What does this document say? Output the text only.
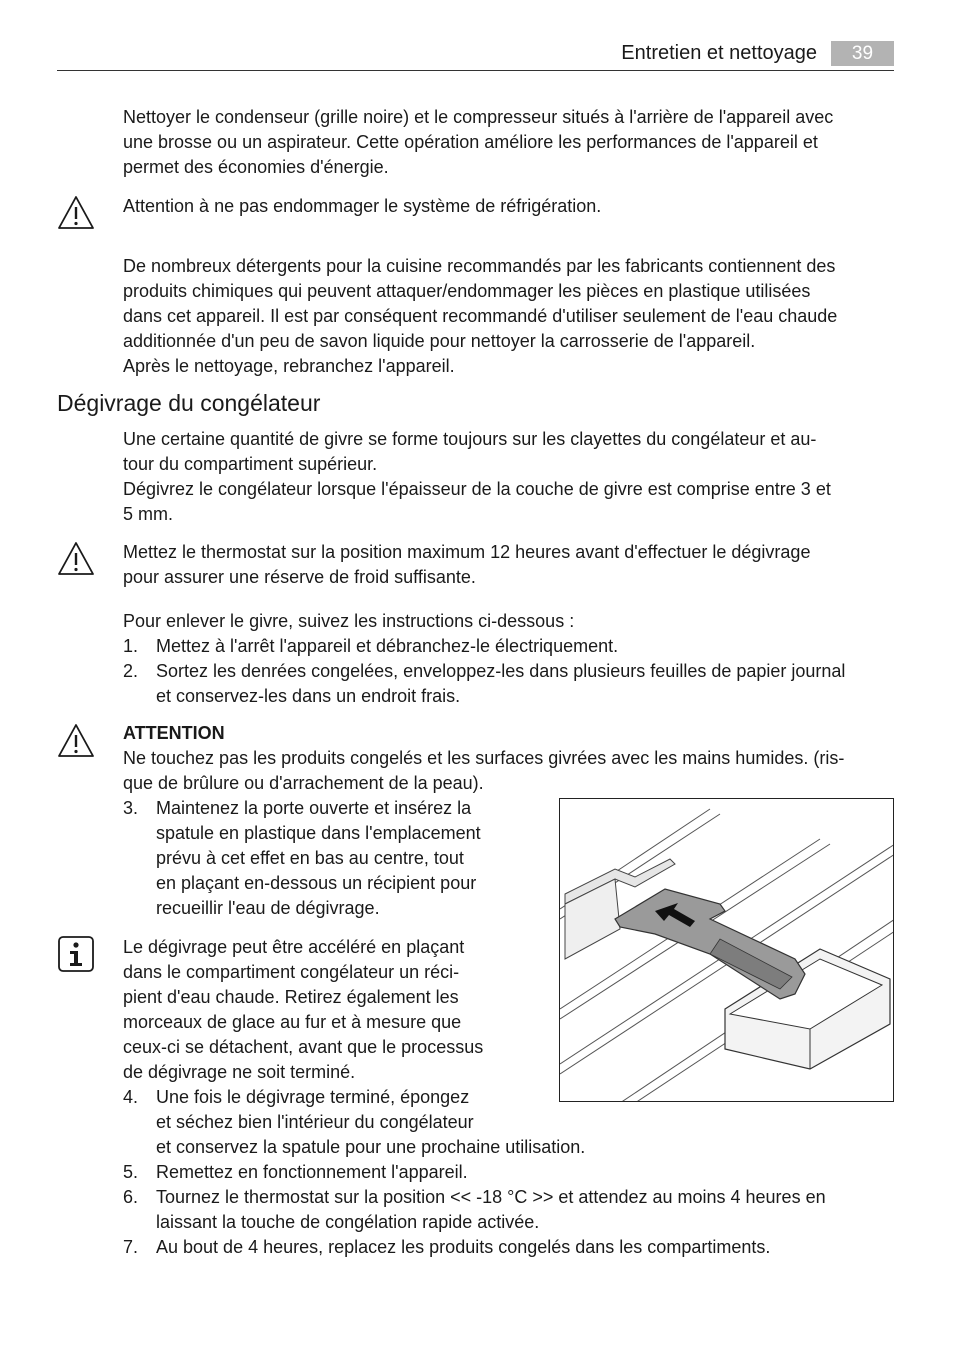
Entretien et nettoyage	39
Nettoyer le condenseur (grille noire) et le compresseur situés à l'arrière de l'appareil avec
une brosse ou un aspirateur. Cette opération améliore les performances de l'appareil et
permet des économies d'énergie.
Attention à ne pas endommager le système de réfrigération.
De nombreux détergents pour la cuisine recommandés par les fabricants contiennent des
produits chimiques qui peuvent attaquer/endommager les pièces en plastique utilisées
dans cet appareil. Il est par conséquent recommandé d'utiliser seulement de l'eau chaude
additionnée d'un peu de savon liquide pour nettoyer la carrosserie de l'appareil.
Après le nettoyage, rebranchez l'appareil.
Dégivrage du congélateur
Une certaine quantité de givre se forme toujours sur les clayettes du congélateur et au-
tour du compartiment supérieur.
Dégivrez le congélateur lorsque l'épaisseur de la couche de givre est comprise entre 3 et
5 mm.
Mettez le thermostat sur la position maximum 12 heures avant d'effectuer le dégivrage
pour assurer une réserve de froid suffisante.
Pour enlever le givre, suivez les instructions ci-dessous :
1. Mettez à l'arrêt l'appareil et débranchez-le électriquement.
2. Sortez les denrées congelées, enveloppez-les dans plusieurs feuilles de papier journal
et conservez-les dans un endroit frais.
ATTENTION
Ne touchez pas les produits congelés et les surfaces givrées avec les mains humides. (ris-
que de brûlure ou d'arrachement de la peau).
3. Maintenez la porte ouverte et insérez la
spatule en plastique dans l'emplacement
prévu à cet effet en bas au centre, tout
en plaçant en-dessous un récipient pour
recueillir l'eau de dégivrage.
Le dégivrage peut être accéléré en plaçant
dans le compartiment congélateur un réci-
pient d'eau chaude. Retirez également les
morceaux de glace au fur et à mesure que
ceux-ci se détachent, avant que le processus
de dégivrage ne soit terminé.
4. Une fois le dégivrage terminé, épongez
et séchez bien l'intérieur du congélateur
et conservez la spatule pour une prochaine utilisation.
5. Remettez en fonctionnement l'appareil.
6. Tournez le thermostat sur la position << -18 °C >> et attendez au moins 4 heures en
laissant la touche de congélation rapide activée.
7. Au bout de 4 heures, replacez les produits congelés dans les compartiments.
